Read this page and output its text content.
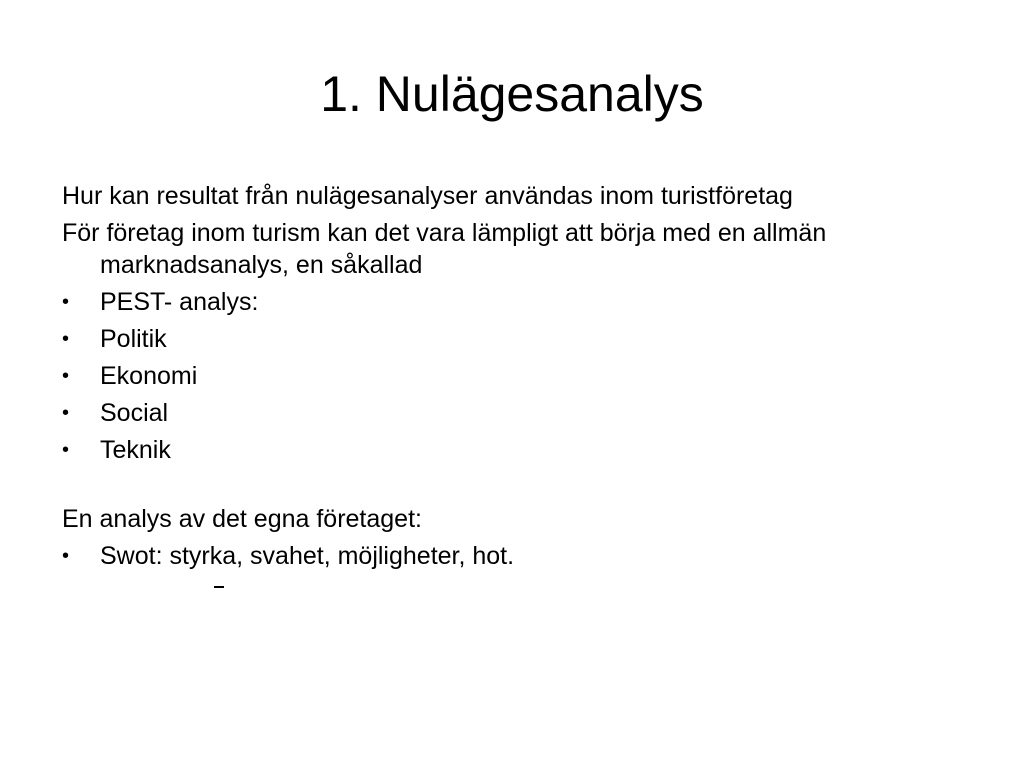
1. Nulägesanalys

Hur kan resultat från nulägesanalyser användas inom turistföretag

För företag inom turism kan det vara lämpligt att börja med en allmän marknadsanalys, en såkallad

•	PEST- analys:
•	Politik
•	Ekonomi
•	Social
•	Teknik

En analys av det egna företaget:

•	Swot: styrka, svahet, möjligheter, hot.
